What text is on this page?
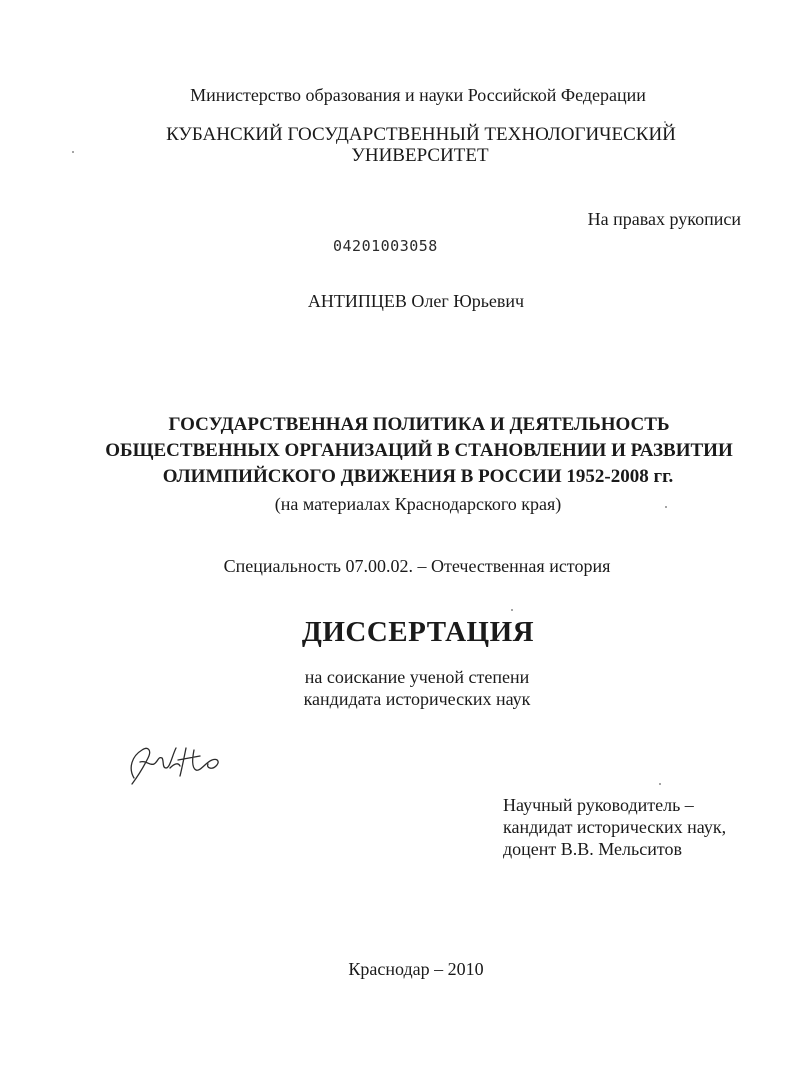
Министерство образования и науки Российской Федерации
КУБАНСКИЙ ГОСУДАРСТВЕННЫЙ ТЕХНОЛОГИЧЕСКИЙ
УНИВЕРСИТЕТ
На правах рукописи
04201003058
АНТИПЦЕВ Олег Юрьевич
ГОСУДАРСТВЕННАЯ ПОЛИТИКА И ДЕЯТЕЛЬНОСТЬ
ОБЩЕСТВЕННЫХ ОРГАНИЗАЦИЙ В СТАНОВЛЕНИИ И РАЗВИТИИ
ОЛИМПИЙСКОГО ДВИЖЕНИЯ В РОССИИ 1952-2008 гг.
(на материалах Краснодарского края)
Специальность 07.00.02. – Отечественная история
ДИССЕРТАЦИЯ
на соискание ученой степени
кандидата исторических наук
Научный руководитель –
кандидат исторических наук,
доцент В.В. Мельситов
Краснодар – 2010
